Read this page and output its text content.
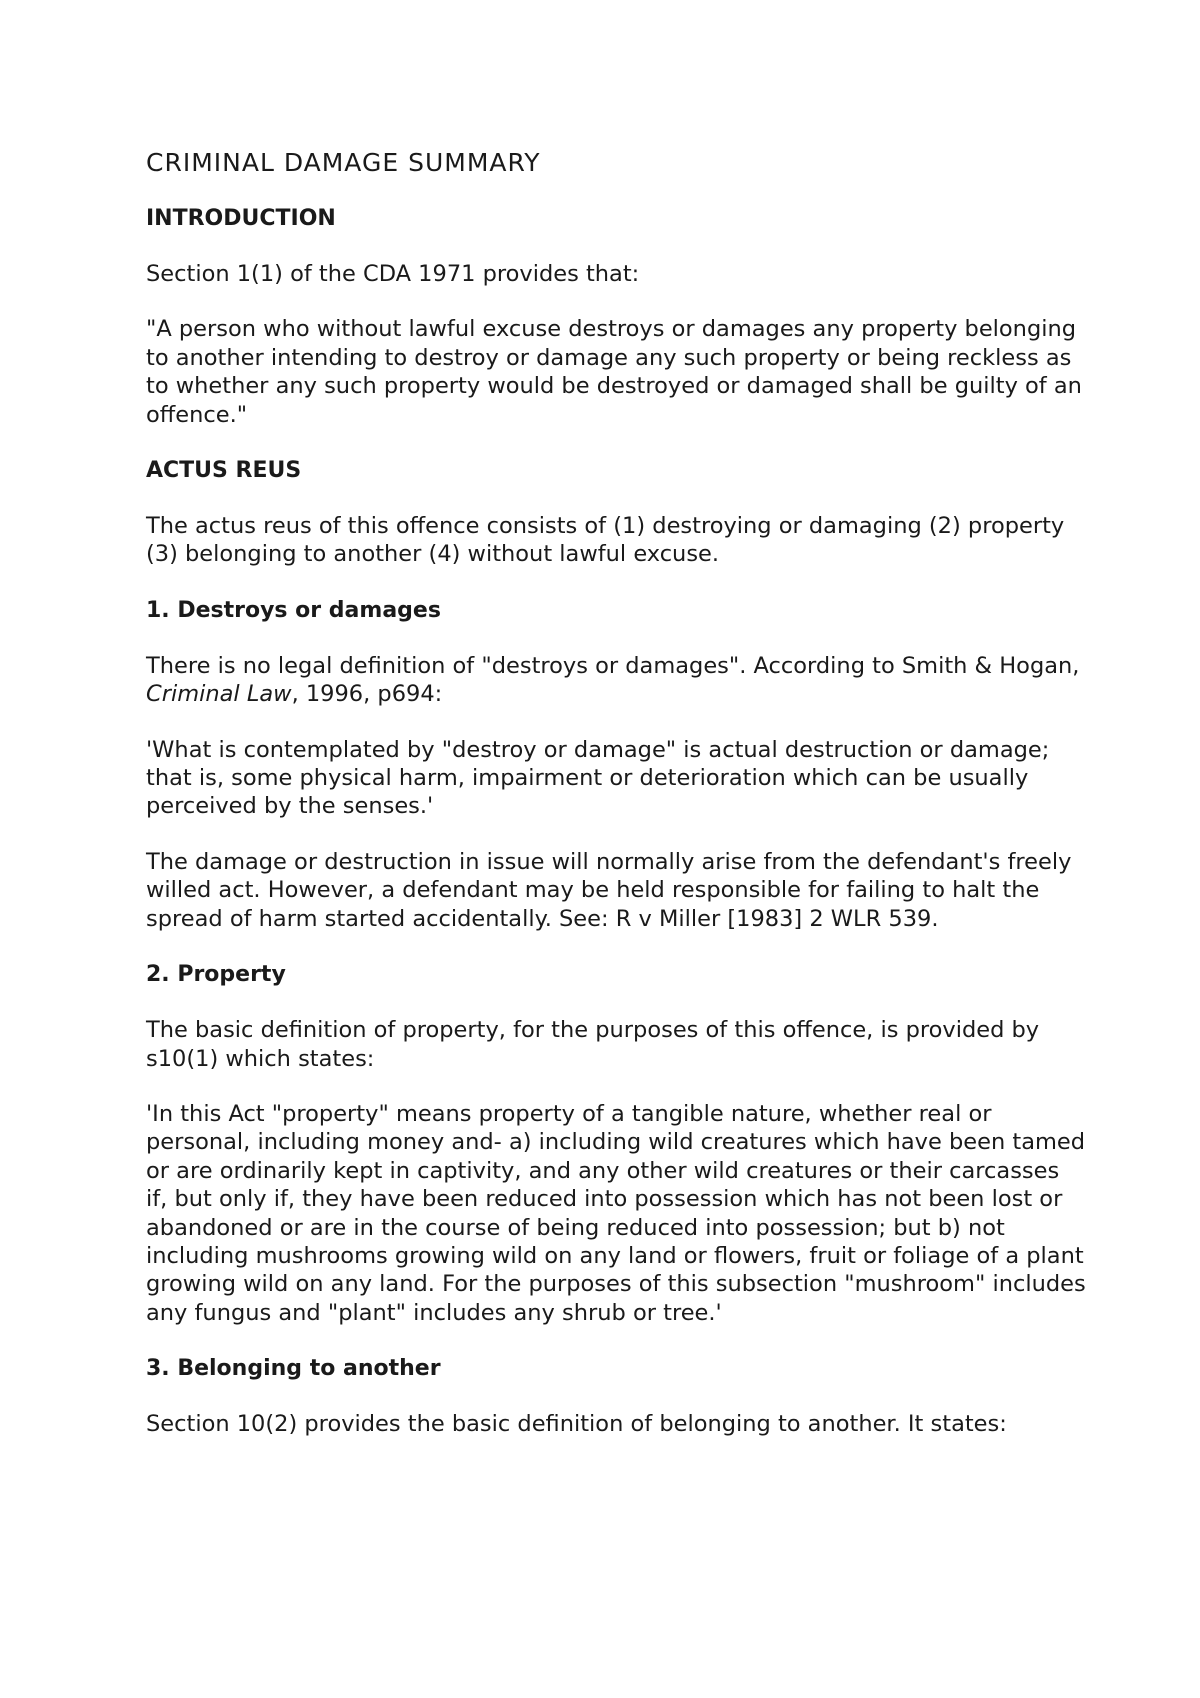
CRIMINAL DAMAGE SUMMARY
INTRODUCTION

Section 1(1) of the CDA 1971 provides that:

"A person who without lawful excuse destroys or damages any property belonging to another intending to destroy or damage any such property or being reckless as to whether any such property would be destroyed or damaged shall be guilty of an offence."

ACTUS REUS

The actus reus of this offence consists of (1) destroying or damaging (2) property (3) belonging to another (4) without lawful excuse.

1. Destroys or damages

There is no legal definition of "destroys or damages". According to Smith & Hogan, Criminal Law, 1996, p694:

'What is contemplated by "destroy or damage" is actual destruction or damage; that is, some physical harm, impairment or deterioration which can be usually perceived by the senses.'

The damage or destruction in issue will normally arise from the defendant's freely willed act. However, a defendant may be held responsible for failing to halt the spread of harm started accidentally. See: R v Miller [1983] 2 WLR 539.

2. Property

The basic definition of property, for the purposes of this offence, is provided by s10(1) which states:

'In this Act "property" means property of a tangible nature, whether real or personal, including money and- a) including wild creatures which have been tamed or are ordinarily kept in captivity, and any other wild creatures or their carcasses if, but only if, they have been reduced into possession which has not been lost or abandoned or are in the course of being reduced into possession; but b) not including mushrooms growing wild on any land or flowers, fruit or foliage of a plant growing wild on any land. For the purposes of this subsection "mushroom" includes any fungus and "plant" includes any shrub or tree.'

3. Belonging to another

Section 10(2) provides the basic definition of belonging to another. It states:
